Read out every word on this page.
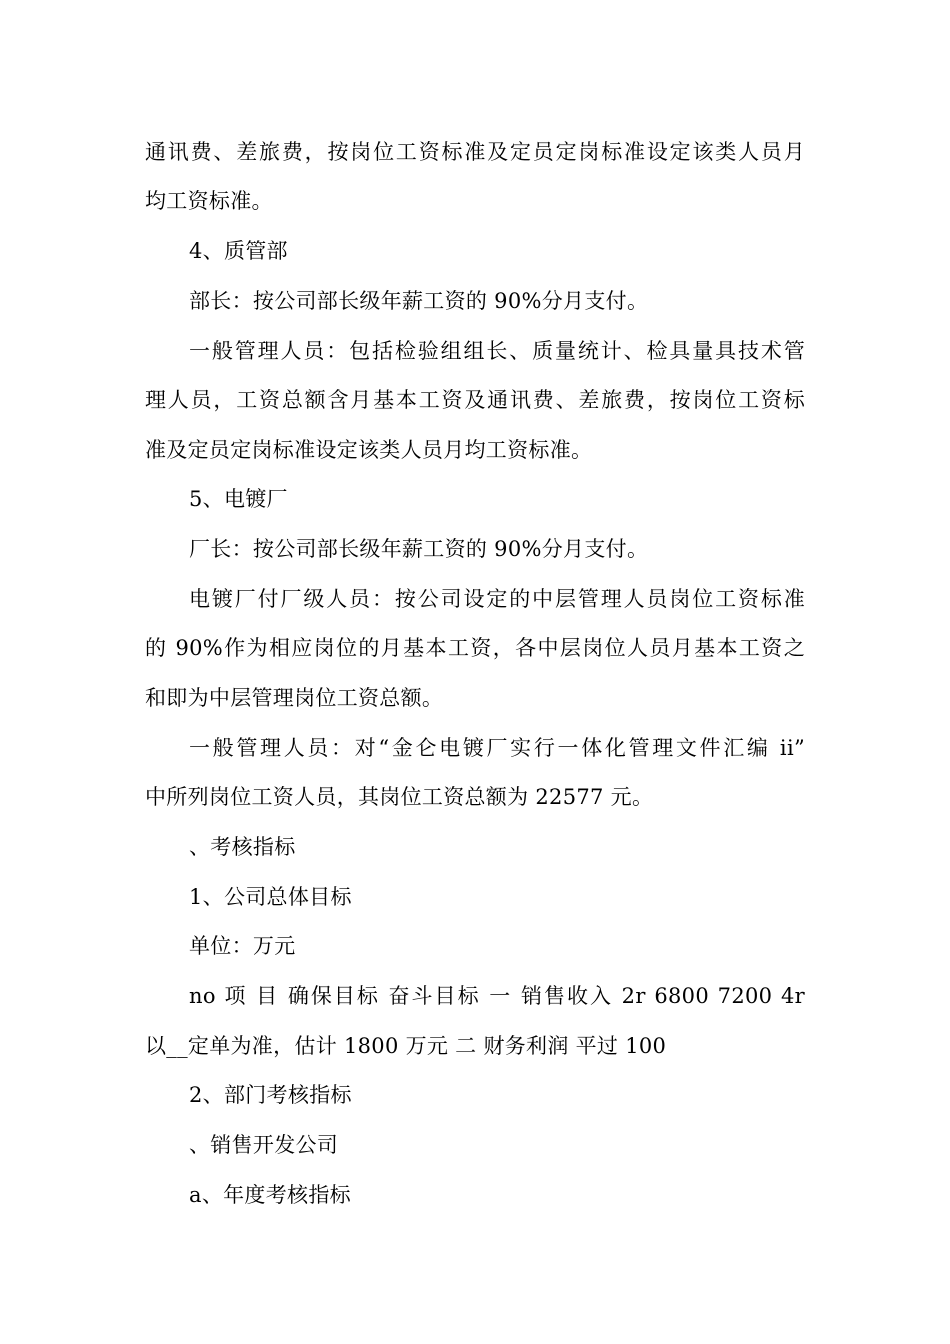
通讯费、差旅费，按岗位工资标准及定员定岗标准设定该类人员月
均工资标准。
4、质管部
部长：按公司部长级年薪工资的 90%分月支付。
一般管理人员：包括检验组组长、质量统计、检具量具技术管
理人员，工资总额含月基本工资及通讯费、差旅费，按岗位工资标
准及定员定岗标准设定该类人员月均工资标准。
5、电镀厂
厂长：按公司部长级年薪工资的 90%分月支付。
电镀厂付厂级人员：按公司设定的中层管理人员岗位工资标准
的 90%作为相应岗位的月基本工资，各中层岗位人员月基本工资之
和即为中层管理岗位工资总额。
一般管理人员：对“金仑电镀厂实行一体化管理文件汇编 ii”
中所列岗位工资人员，其岗位工资总额为 22577 元。
、考核指标
1、公司总体目标
单位：万元
no 项 目 确保目标 奋斗目标 一 销售收入 2r 6800 7200 4r
以__定单为准，估计 1800 万元 二 财务利润 平过 100
2、部门考核指标
、销售开发公司
a、年度考核指标
